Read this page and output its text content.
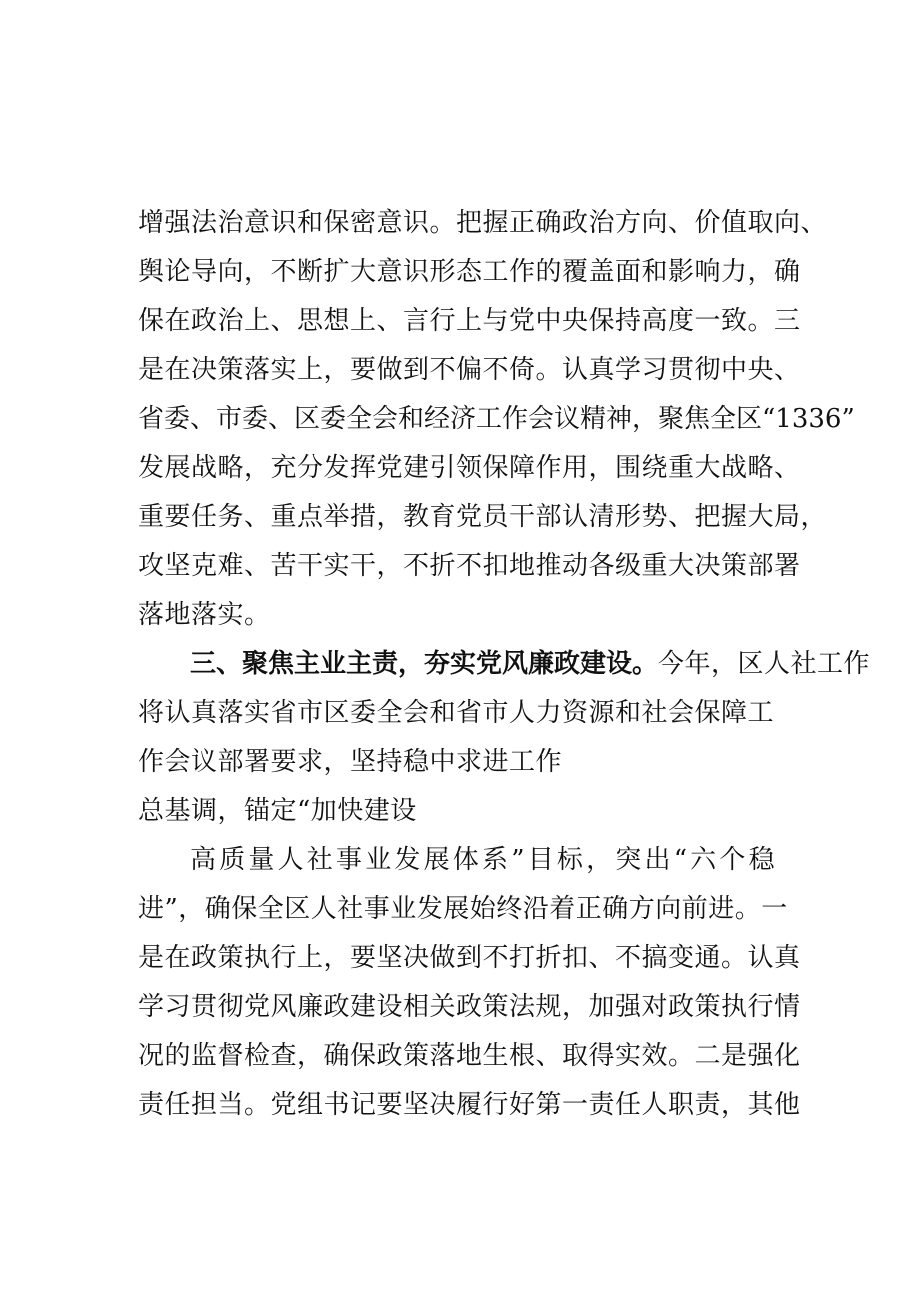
增强法治意识和保密意识。把握正确政治方向、价值取向、
舆论导向，不断扩大意识形态工作的覆盖面和影响力，确
保在政治上、思想上、言行上与党中央保持高度一致。三
是在决策落实上，要做到不偏不倚。认真学习贯彻中央、
省委、市委、区委全会和经济工作会议精神，聚焦全区“1336”
发展战略，充分发挥党建引领保障作用，围绕重大战略、
重要任务、重点举措，教育党员干部认清形势、把握大局，
攻坚克难、苦干实干，不折不扣地推动各级重大决策部署
落地落实。
三、聚焦主业主责，夯实党风廉政建设。今年，区人社工作
将认真落实省市区委全会和省市人力资源和社会保障工
作会议部署要求，坚持稳中求进工作
总基调，锚定“加快建设
高质量人社事业发展体系”目标，突出“六个稳
进”，确保全区人社事业发展始终沿着正确方向前进。一
是在政策执行上，要坚决做到不打折扣、不搞变通。认真
学习贯彻党风廉政建设相关政策法规，加强对政策执行情
况的监督检查，确保政策落地生根、取得实效。二是强化
责任担当。党组书记要坚决履行好第一责任人职责，其他
